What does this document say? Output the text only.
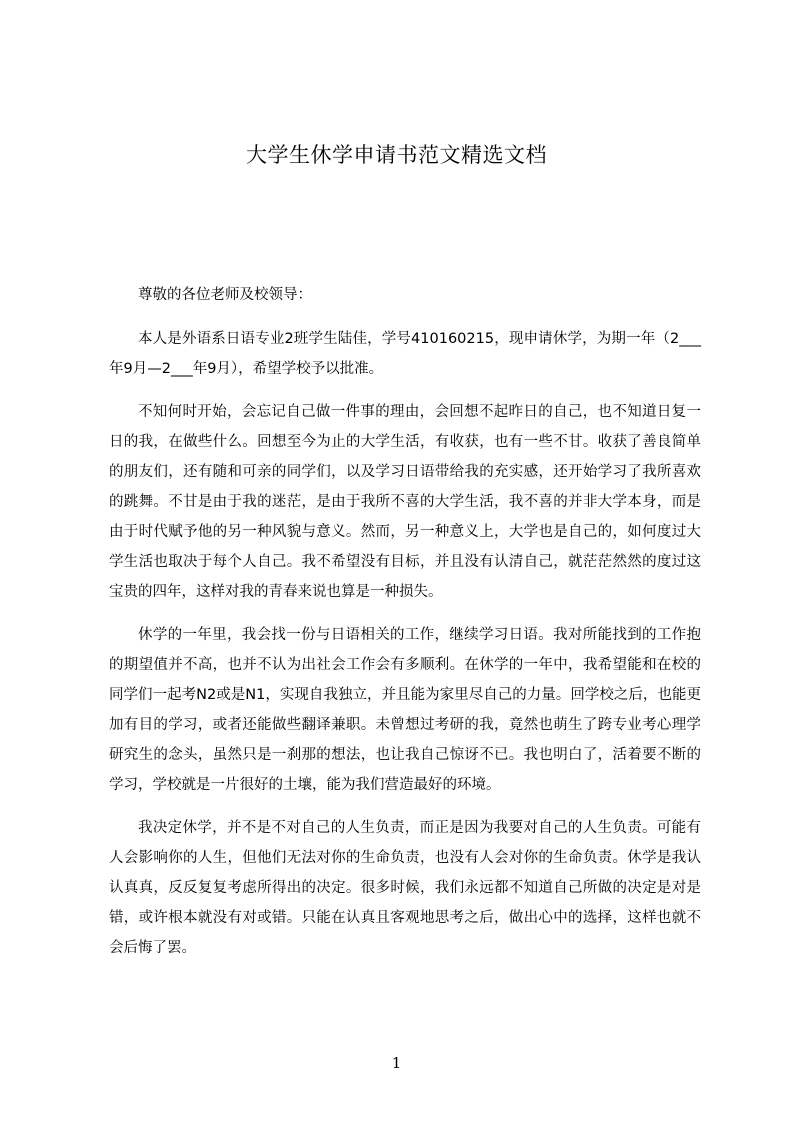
大学生休学申请书范文精选文档

尊敬的各位老师及校领导：

本人是外语系日语专业2班学生陆佳，学号410160215，现申请休学，为期一年（2___年9月—2___年9月），希望学校予以批准。

不知何时开始，会忘记自己做一件事的理由，会回想不起昨日的自己，也不知道日复一日的我，在做些什么。回想至今为止的大学生活，有收获，也有一些不甘。收获了善良简单的朋友们，还有随和可亲的同学们，以及学习日语带给我的充实感，还开始学习了我所喜欢的跳舞。不甘是由于我的迷茫，是由于我所不喜的大学生活，我不喜的并非大学本身，而是由于时代赋予他的另一种风貌与意义。然而，另一种意义上，大学也是自己的，如何度过大学生活也取决于每个人自己。我不希望没有目标，并且没有认清自己，就茫茫然然的度过这宝贵的四年，这样对我的青春来说也算是一种损失。

休学的一年里，我会找一份与日语相关的工作，继续学习日语。我对所能找到的工作抱的期望值并不高，也并不认为出社会工作会有多顺利。在休学的一年中，我希望能和在校的同学们一起考N2或是N1，实现自我独立，并且能为家里尽自己的力量。回学校之后，也能更加有目的学习，或者还能做些翻译兼职。未曾想过考研的我，竟然也萌生了跨专业考心理学研究生的念头，虽然只是一刹那的想法，也让我自己惊讶不已。我也明白了，活着要不断的学习，学校就是一片很好的土壤，能为我们营造最好的环境。

我决定休学，并不是不对自己的人生负责，而正是因为我要对自己的人生负责。可能有人会影响你的人生，但他们无法对你的生命负责，也没有人会对你的生命负责。休学是我认认真真，反反复复考虑所得出的决定。很多时候，我们永远都不知道自己所做的决定是对是错，或许根本就没有对或错。只能在认真且客观地思考之后，做出心中的选择，这样也就不会后悔了罢。

1
